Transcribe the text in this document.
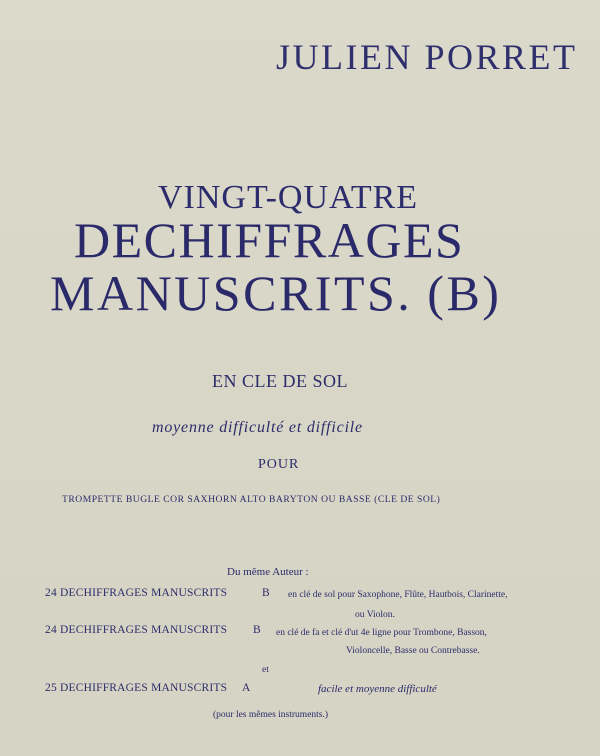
JULIEN PORRET
VINGT-QUATRE
DECHIFFRAGES
MANUSCRITS. (B)
EN CLE DE SOL
moyenne difficulté et difficile
POUR
TROMPETTE BUGLE COR SAXHORN ALTO BARYTON OU BASSE (CLE DE SOL)
Du même Auteur :
24 DECHIFFRAGES MANUSCRITS	B en clé de sol pour Saxophone, Flûte, Hautbois, Clarinette,
ou Violon.
24 DECHIFFRAGES MANUSCRITS B en clé de fa et clé d'ut 4e ligne pour Trombone, Basson,
Violoncelle, Basse ou Contrebasse.
et
25 DECHIFFRAGES MANUSCRITS A	facile et moyenne difficulté
(pour les mêmes instruments.)
